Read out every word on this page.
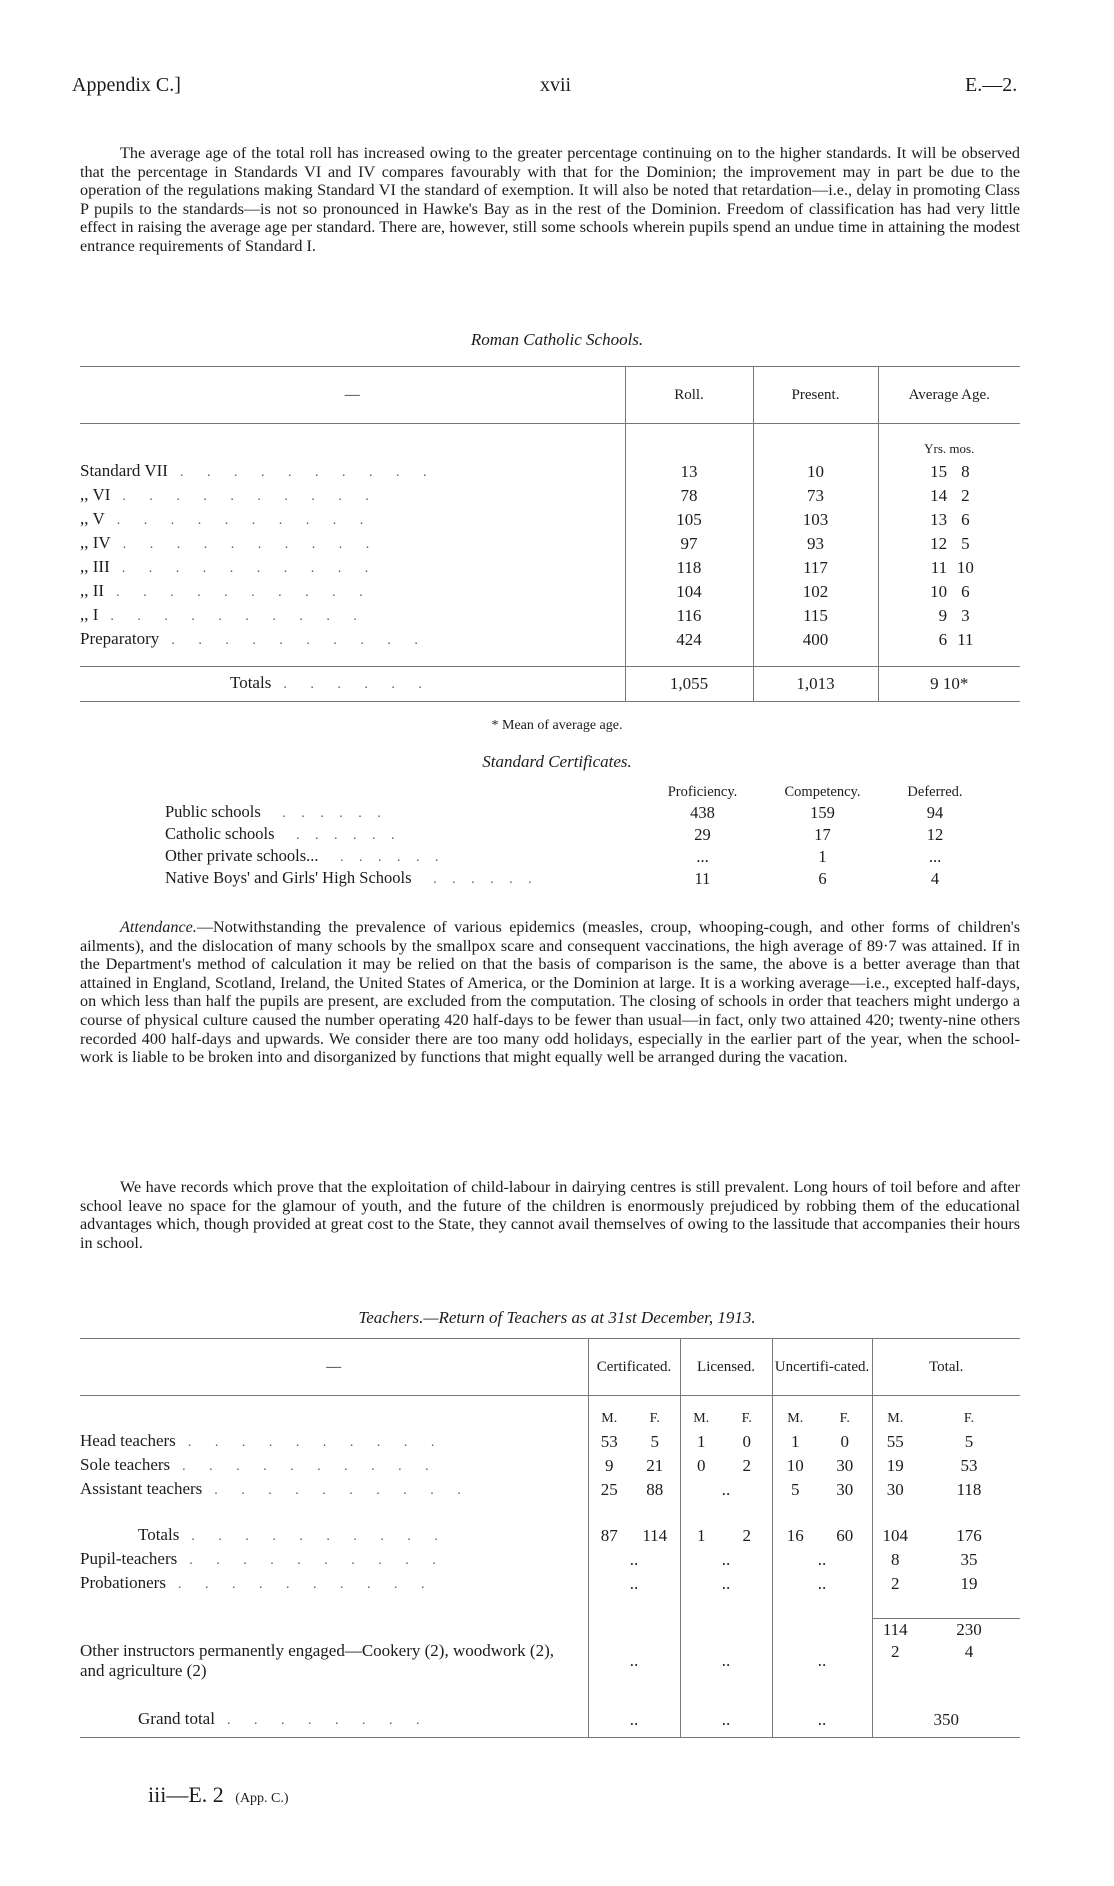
Appendix C.]	xvii	E.—2.
The average age of the total roll has increased owing to the greater percentage continuing on to the higher standards. It will be observed that the percentage in Standards VI and IV compares favourably with that for the Dominion; the improvement may in part be due to the operation of the regulations making Standard VI the standard of exemption. It will also be noted that retardation—i.e., delay in promoting Class P pupils to the standards—is not so pronounced in Hawke's Bay as in the rest of the Dominion. Freedom of classification has had very little effect in raising the average age per standard. There are, however, still some schools wherein pupils spend an undue time in attaining the modest entrance requirements of Standard I.
Roman Catholic Schools.
—	Roll.	Present.	Average Age.
			Yrs. mos.
Standard VII . . . . . . . . . .	13	10	15 8
,, VI . . . . . . . . . .	78	73	14 2
,, V . . . . . . . . . .	105	103	13 6
,, IV . . . . . . . . . .	97	93	12 5
,, III . . . . . . . . . .	118	117	11 10
,, II . . . . . . . . . .	104	102	10 6
,, I . . . . . . . . . .	116	115	9 3
Preparatory . . . . . . . . . .	424	400	6 11

Totals . . . . . .	1,055	1,013	9 10*
* Mean of average age.
Standard Certificates.
	Proficiency.	Competency.	Deferred.
Public schools . . . . . .	438	159	94
Catholic schools . . . . . .	29	17	12
Other private schools... . . . . . .	...	1	...
Native Boys' and Girls' High Schools . . . . . .	11	6	4
Attendance.—Notwithstanding the prevalence of various epidemics (measles, croup, whooping-cough, and other forms of children's ailments), and the dislocation of many schools by the smallpox scare and consequent vaccinations, the high average of 89·7 was attained. If in the Department's method of calculation it may be relied on that the basis of comparison is the same, the above is a better average than that attained in England, Scotland, Ireland, the United States of America, or the Dominion at large. It is a working average—i.e., excepted half-days, on which less than half the pupils are present, are excluded from the computation. The closing of schools in order that teachers might undergo a course of physical culture caused the number operating 420 half-days to be fewer than usual—in fact, only two attained 420; twenty-nine others recorded 400 half-days and upwards. We consider there are too many odd holidays, especially in the earlier part of the year, when the school-work is liable to be broken into and disorganized by functions that might equally well be arranged during the vacation.
We have records which prove that the exploitation of child-labour in dairying centres is still prevalent. Long hours of toil before and after school leave no space for the glamour of youth, and the future of the children is enormously prejudiced by robbing them of the educational advantages which, though provided at great cost to the State, they cannot avail themselves of owing to the lassitude that accompanies their hours in school.
Teachers.—Return of Teachers as at 31st December, 1913.
—	Certificated.		Licensed.		Uncertifi-cated.		Total.	
	M.	F.	M.	F.	M.	F.	M.	F.
Head teachers . . . . . . . . . .	53	5	1	0	1	0	55	5
Sole teachers . . . . . . . . . .	9	21	0	2	10	30	19	53
Assistant teachers . . . . . . . . . .	25	88	..		5	30	30	118

Totals . . . . . . . . . .	87	114	1	2	16	60	104	176
Pupil-teachers . . . . . . . . . .	..		..		..		8	35
Probationers . . . . . . . . . .	..		..		..		2	19

							114	230
Other instructors permanently engaged—Cookery (2), woodwork (2), and agriculture (2)	..		..		..		2	4

Grand total . . . . . . . .	..		..		..		350	
iii—E. 2 (App. C.)
